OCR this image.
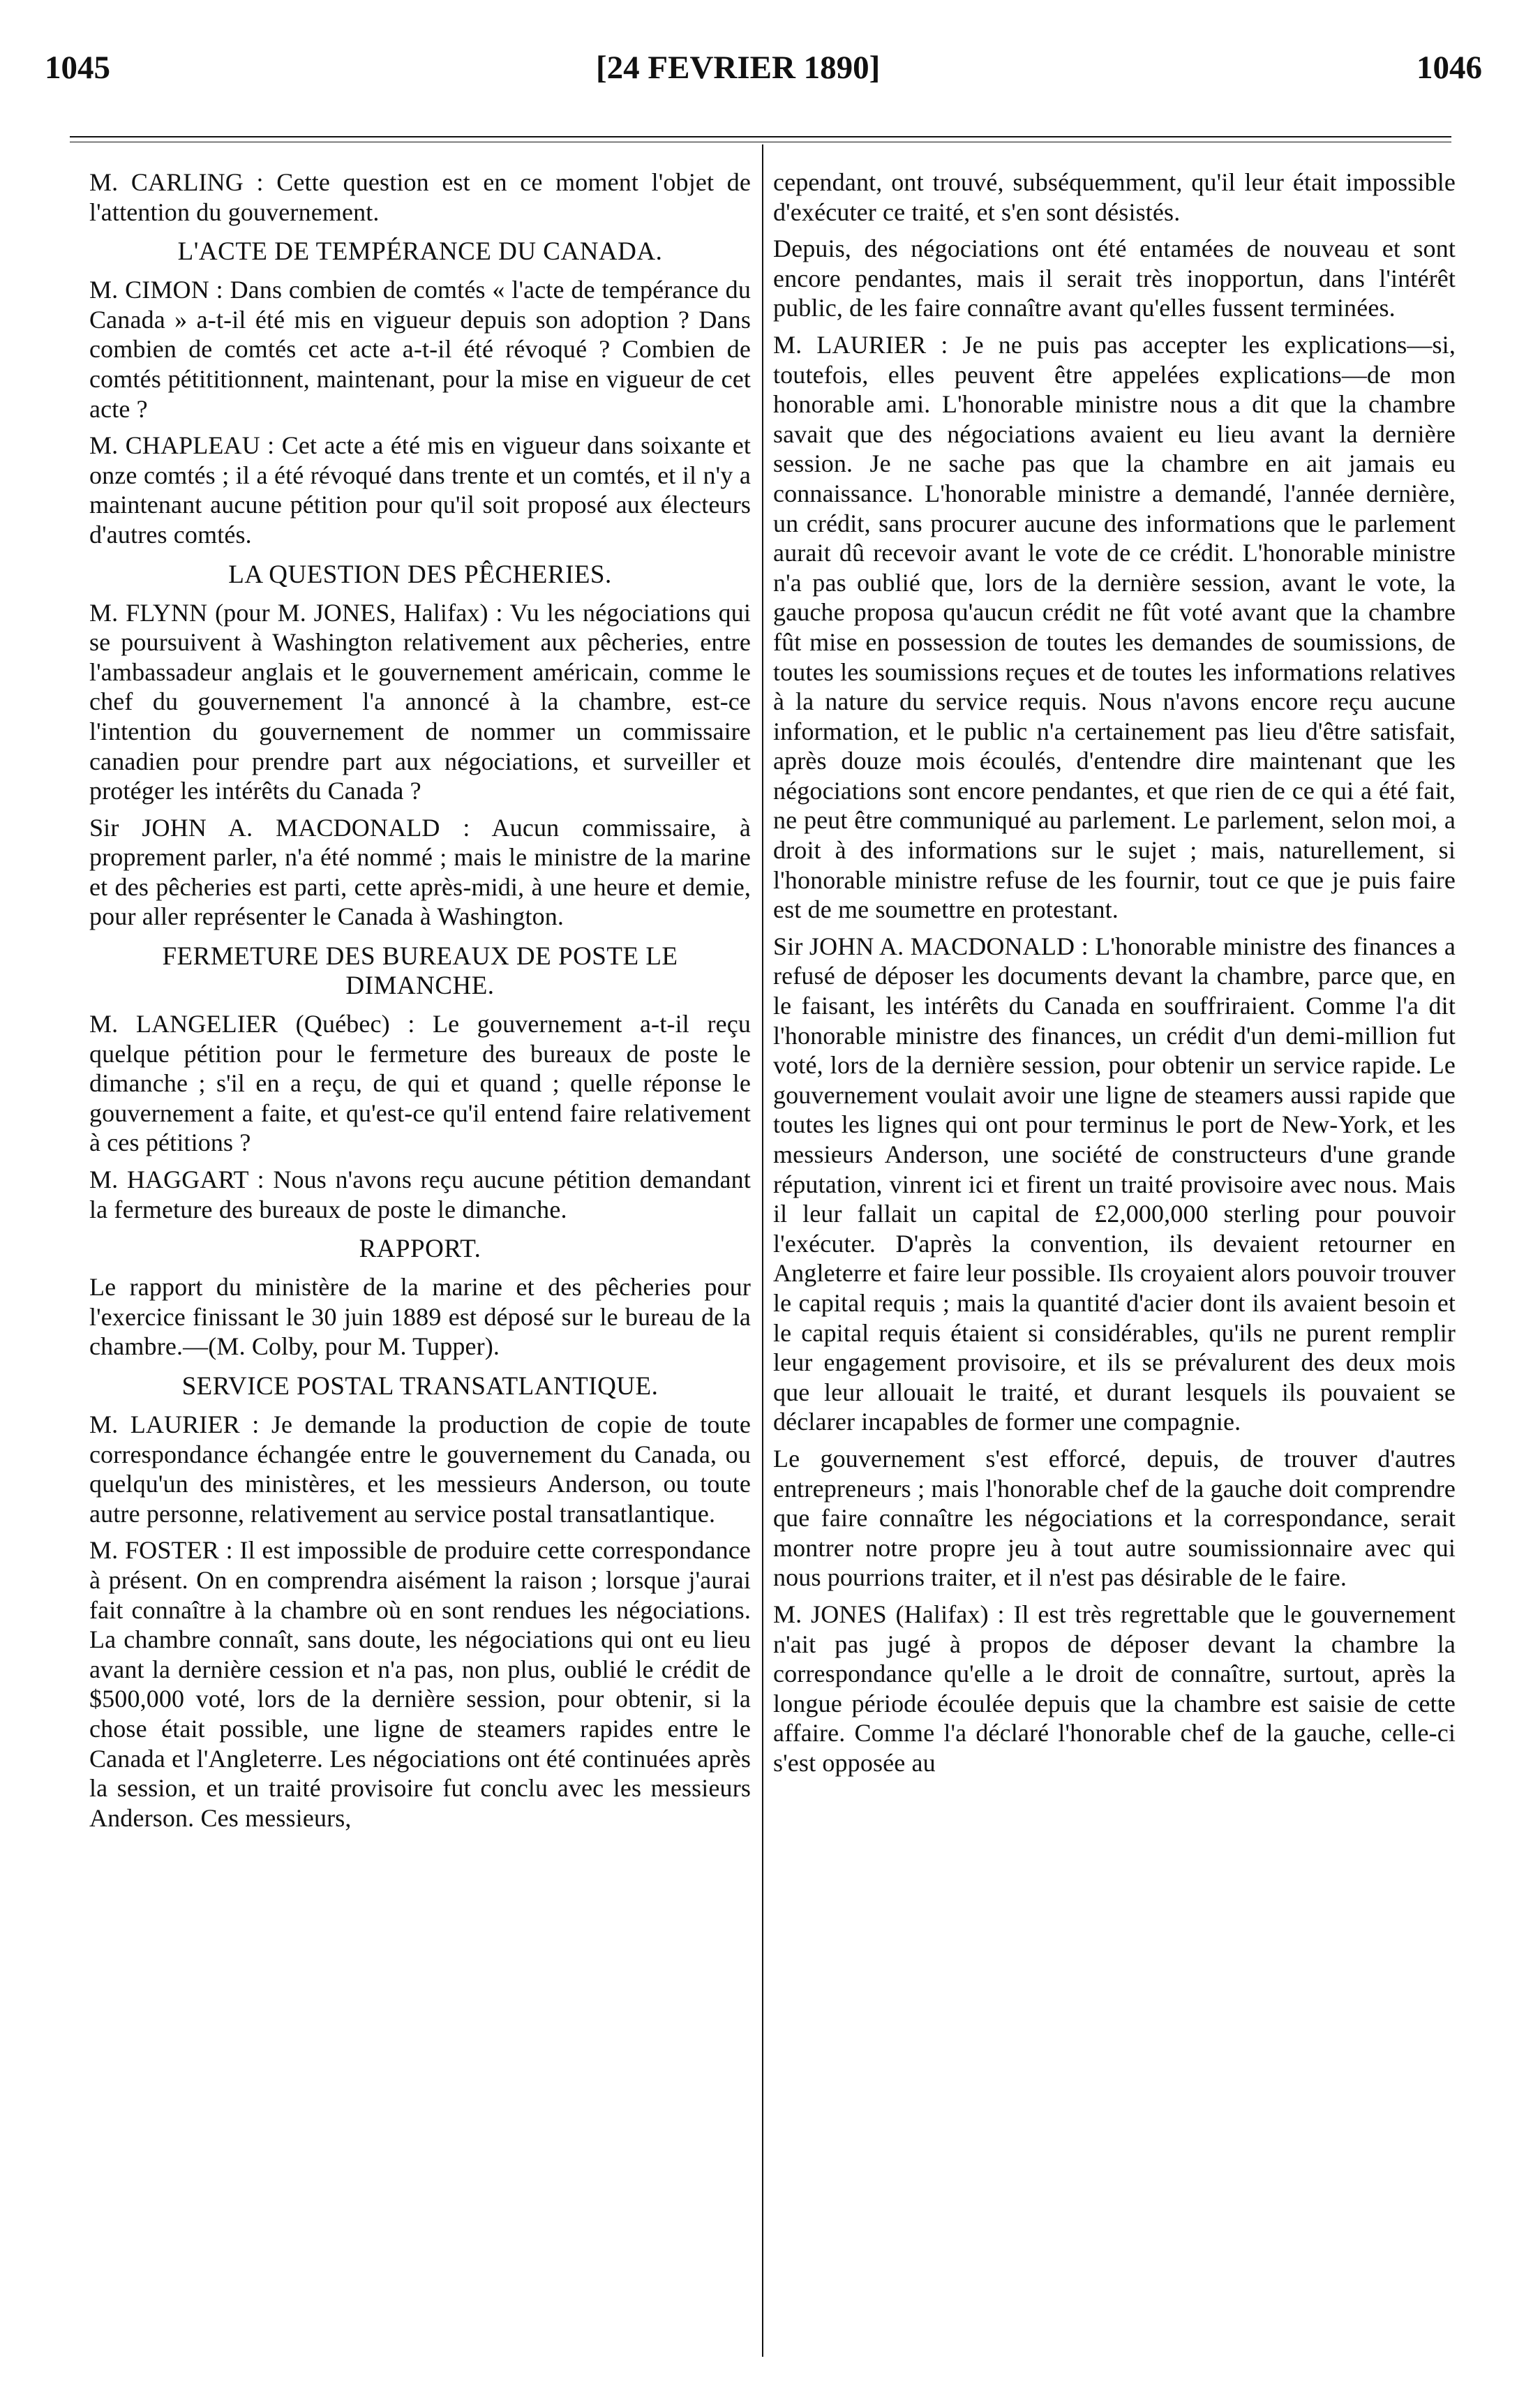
1045	[24 FEVRIER 1890]	1046

M. CARLING : Cette question est en ce moment l'objet de l'attention du gouvernement.

L'ACTE DE TEMPÉRANCE DU CANADA.

M. CIMON : Dans combien de comtés « l'acte de tempérance du Canada » a-t-il été mis en vigueur depuis son adoption ? Dans combien de comtés cet acte a-t-il été révoqué ? Combien de comtés pétititionnent, maintenant, pour la mise en vigueur de cet acte ?

M. CHAPLEAU : Cet acte a été mis en vigueur dans soixante et onze comtés ; il a été révoqué dans trente et un comtés, et il n'y a maintenant aucune pétition pour qu'il soit proposé aux électeurs d'autres comtés.

LA QUESTION DES PÊCHERIES.

M. FLYNN (pour M. JONES, Halifax) : Vu les négociations qui se poursuivent à Washington relativement aux pêcheries, entre l'ambassadeur anglais et le gouvernement américain, comme le chef du gouvernement l'a annoncé à la chambre, est-ce l'intention du gouvernement de nommer un commissaire canadien pour prendre part aux négociations, et surveiller et protéger les intérêts du Canada ?

Sir JOHN A. MACDONALD : Aucun commissaire, à proprement parler, n'a été nommé ; mais le ministre de la marine et des pêcheries est parti, cette après-midi, à une heure et demie, pour aller représenter le Canada à Washington.

FERMETURE DES BUREAUX DE POSTE LE DIMANCHE.

M. LANGELIER (Québec) : Le gouvernement a-t-il reçu quelque pétition pour le fermeture des bureaux de poste le dimanche ; s'il en a reçu, de qui et quand ; quelle réponse le gouvernement a faite, et qu'est-ce qu'il entend faire relativement à ces pétitions ?

M. HAGGART : Nous n'avons reçu aucune pétition demandant la fermeture des bureaux de poste le dimanche.

RAPPORT.

Le rapport du ministère de la marine et des pêcheries pour l'exercice finissant le 30 juin 1889 est déposé sur le bureau de la chambre.—(M. Colby, pour M. Tupper).

SERVICE POSTAL TRANSATLANTIQUE.

M. LAURIER : Je demande la production de copie de toute correspondance échangée entre le gouvernement du Canada, ou quelqu'un des ministères, et les messieurs Anderson, ou toute autre personne, relativement au service postal transatlantique.

M. FOSTER : Il est impossible de produire cette correspondance à présent. On en comprendra aisément la raison ; lorsque j'aurai fait connaître à la chambre où en sont rendues les négociations. La chambre connaît, sans doute, les négociations qui ont eu lieu avant la dernière cession et n'a pas, non plus, oublié le crédit de $500,000 voté, lors de la dernière session, pour obtenir, si la chose était possible, une ligne de steamers rapides entre le Canada et l'Angleterre. Les négociations ont été continuées après la session, et un traité provisoire fut conclu avec les messieurs Anderson. Ces messieurs,

cependant, ont trouvé, subséquemment, qu'il leur était impossible d'exécuter ce traité, et s'en sont désistés.

Depuis, des négociations ont été entamées de nouveau et sont encore pendantes, mais il serait très inopportun, dans l'intérêt public, de les faire connaître avant qu'elles fussent terminées.

M. LAURIER : Je ne puis pas accepter les explications—si, toutefois, elles peuvent être appelées explications—de mon honorable ami. L'honorable ministre nous a dit que la chambre savait que des négociations avaient eu lieu avant la dernière session. Je ne sache pas que la chambre en ait jamais eu connaissance. L'honorable ministre a demandé, l'année dernière, un crédit, sans procurer aucune des informations que le parlement aurait dû recevoir avant le vote de ce crédit. L'honorable ministre n'a pas oublié que, lors de la dernière session, avant le vote, la gauche proposa qu'aucun crédit ne fût voté avant que la chambre fût mise en possession de toutes les demandes de soumissions, de toutes les soumissions reçues et de toutes les informations relatives à la nature du service requis. Nous n'avons encore reçu aucune information, et le public n'a certainement pas lieu d'être satisfait, après douze mois écoulés, d'entendre dire maintenant que les négociations sont encore pendantes, et que rien de ce qui a été fait, ne peut être communiqué au parlement. Le parlement, selon moi, a droit à des informations sur le sujet ; mais, naturellement, si l'honorable ministre refuse de les fournir, tout ce que je puis faire est de me soumettre en protestant.

Sir JOHN A. MACDONALD : L'honorable ministre des finances a refusé de déposer les documents devant la chambre, parce que, en le faisant, les intérêts du Canada en souffriraient. Comme l'a dit l'honorable ministre des finances, un crédit d'un demi-million fut voté, lors de la dernière session, pour obtenir un service rapide. Le gouvernement voulait avoir une ligne de steamers aussi rapide que toutes les lignes qui ont pour terminus le port de New-York, et les messieurs Anderson, une société de constructeurs d'une grande réputation, vinrent ici et firent un traité provisoire avec nous. Mais il leur fallait un capital de £2,000,000 sterling pour pouvoir l'exécuter. D'après la convention, ils devaient retourner en Angleterre et faire leur possible. Ils croyaient alors pouvoir trouver le capital requis ; mais la quantité d'acier dont ils avaient besoin et le capital requis étaient si considérables, qu'ils ne purent remplir leur engagement provisoire, et ils se prévalurent des deux mois que leur allouait le traité, et durant lesquels ils pouvaient se déclarer incapables de former une compagnie.

Le gouvernement s'est efforcé, depuis, de trouver d'autres entrepreneurs ; mais l'honorable chef de la gauche doit comprendre que faire connaître les négociations et la correspondance, serait montrer notre propre jeu à tout autre soumissionnaire avec qui nous pourrions traiter, et il n'est pas désirable de le faire.

M. JONES (Halifax) : Il est très regrettable que le gouvernement n'ait pas jugé à propos de déposer devant la chambre la correspondance qu'elle a le droit de connaître, surtout, après la longue période écoulée depuis que la chambre est saisie de cette affaire. Comme l'a déclaré l'honorable chef de la gauche, celle-ci s'est opposée au
